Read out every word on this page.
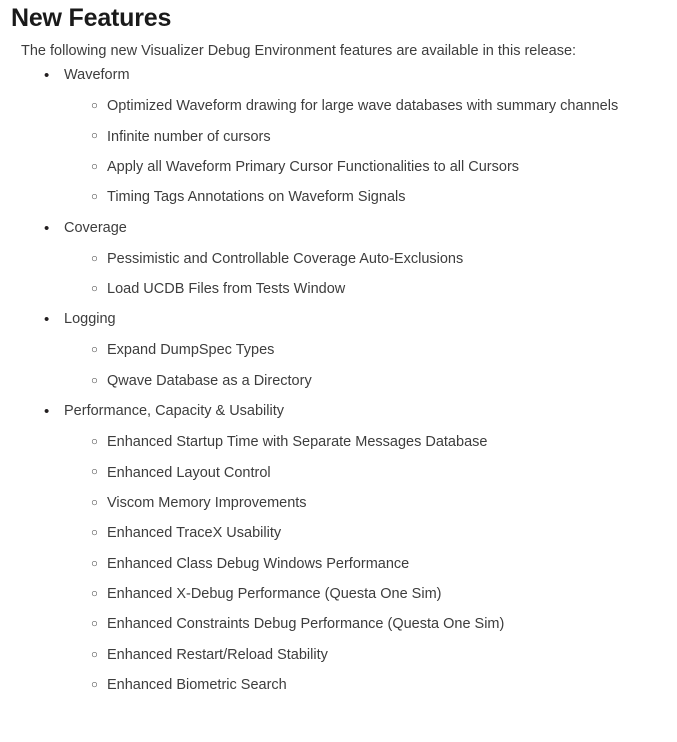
New Features

The following new Visualizer Debug Environment features are available in this release:

•	Waveform
○ Optimized Waveform drawing for large wave databases with summary channels
○ Infinite number of cursors
○ Apply all Waveform Primary Cursor Functionalities to all Cursors
○ Timing Tags Annotations on Waveform Signals
•	Coverage
○ Pessimistic and Controllable Coverage Auto-Exclusions
○ Load UCDB Files from Tests Window
•	Logging
○ Expand DumpSpec Types
○ Qwave Database as a Directory
•	Performance, Capacity & Usability
○ Enhanced Startup Time with Separate Messages Database
○ Enhanced Layout Control
○ Viscom Memory Improvements
○ Enhanced TraceX Usability
○ Enhanced Class Debug Windows Performance
○ Enhanced X-Debug Performance (Questa One Sim)
○ Enhanced Constraints Debug Performance (Questa One Sim)
○ Enhanced Restart/Reload Stability
○ Enhanced Biometric Search
